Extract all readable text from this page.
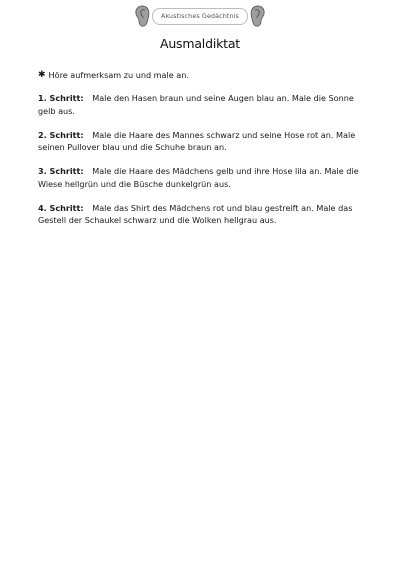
Akustisches Gedächtnis
Ausmaldiktat
✱ Höre aufmerksam zu und male an.
1. Schritt: Male den Hasen braun und seine Augen blau an. Male die Sonne gelb aus.
2. Schritt: Male die Haare des Mannes schwarz und seine Hose rot an. Male seinen Pullover blau und die Schuhe braun an.
3. Schritt: Male die Haare des Mädchens gelb und ihre Hose lila an. Male die Wiese hellgrün und die Büsche dunkelgrün aus.
4. Schritt: Male das Shirt des Mädchens rot und blau gestreift an. Male das Gestell der Schaukel schwarz und die Wolken hellgrau aus.
